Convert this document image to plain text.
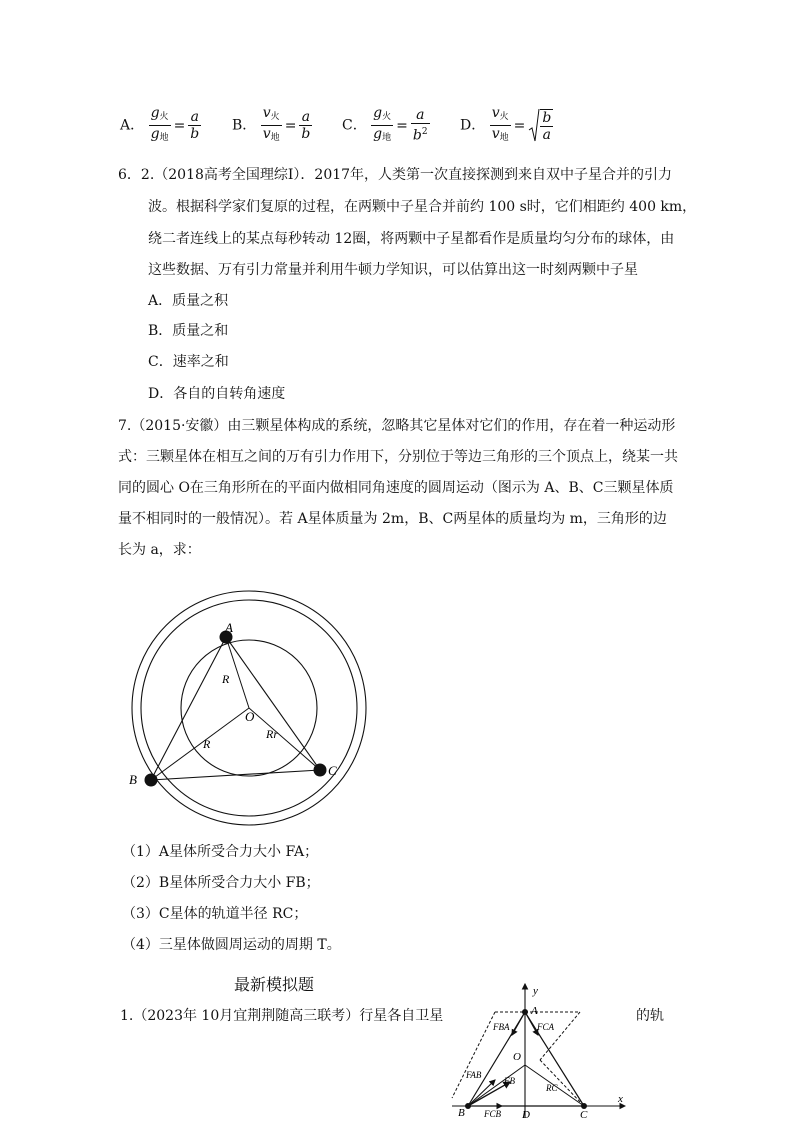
A． $\frac{g_火}{g_地} = \frac{a}{b}$ B． $\frac{v_火}{v_地} = \frac{a}{b}$ C． $\frac{g_火}{g_地} = \frac{a}{b^2}$ D． $\frac{v_火}{v_地} = \frac{b}{a}$
6．2.（2018高考全国理综I）．2017年，人类第一次直接探测到来自双中子星合并的引力
波。根据科学家们复原的过程，在两颗中子星合并前约 100 s时，它们相距约 400 km，
绕二者连线上的某点每秒转动 12圈，将两颗中子星都看作是质量均匀分布的球体，由
这些数据、万有引力常量并利用牛顿力学知识，可以估算出这一时刻两颗中子星
A．质量之积
B．质量之和
C．速率之和
D．各自的自转角速度
7.（2015·安徽）由三颗星体构成的系统，忽略其它星体对它们的作用，存在着一种运动形
式：三颗星体在相互之间的万有引力作用下，分别位于等边三角形的三个顶点上，绕某一共
同的圆心 O在三角形所在的平面内做相同角速度的圆周运动（图示为 A、B、C三颗星体质
量不相同时的一般情况）。若 A星体质量为 2m，B、C两星体的质量均为 m，三角形的边
长为 a，求：
A
B
C
O
R
R
Rr
（1）A星体所受合力大小 FA；
（2）B星体所受合力大小 FB；
（3）C星体的轨道半径 RC；
（4）三星体做圆周运动的周期 T。
最新模拟题
1.（2023年 10月宜荆荆随高三联考）行星各自卫星	的轨
y
x
A
B	C
D
O
FBA	FCA
FAB
FB
FCB
RC
